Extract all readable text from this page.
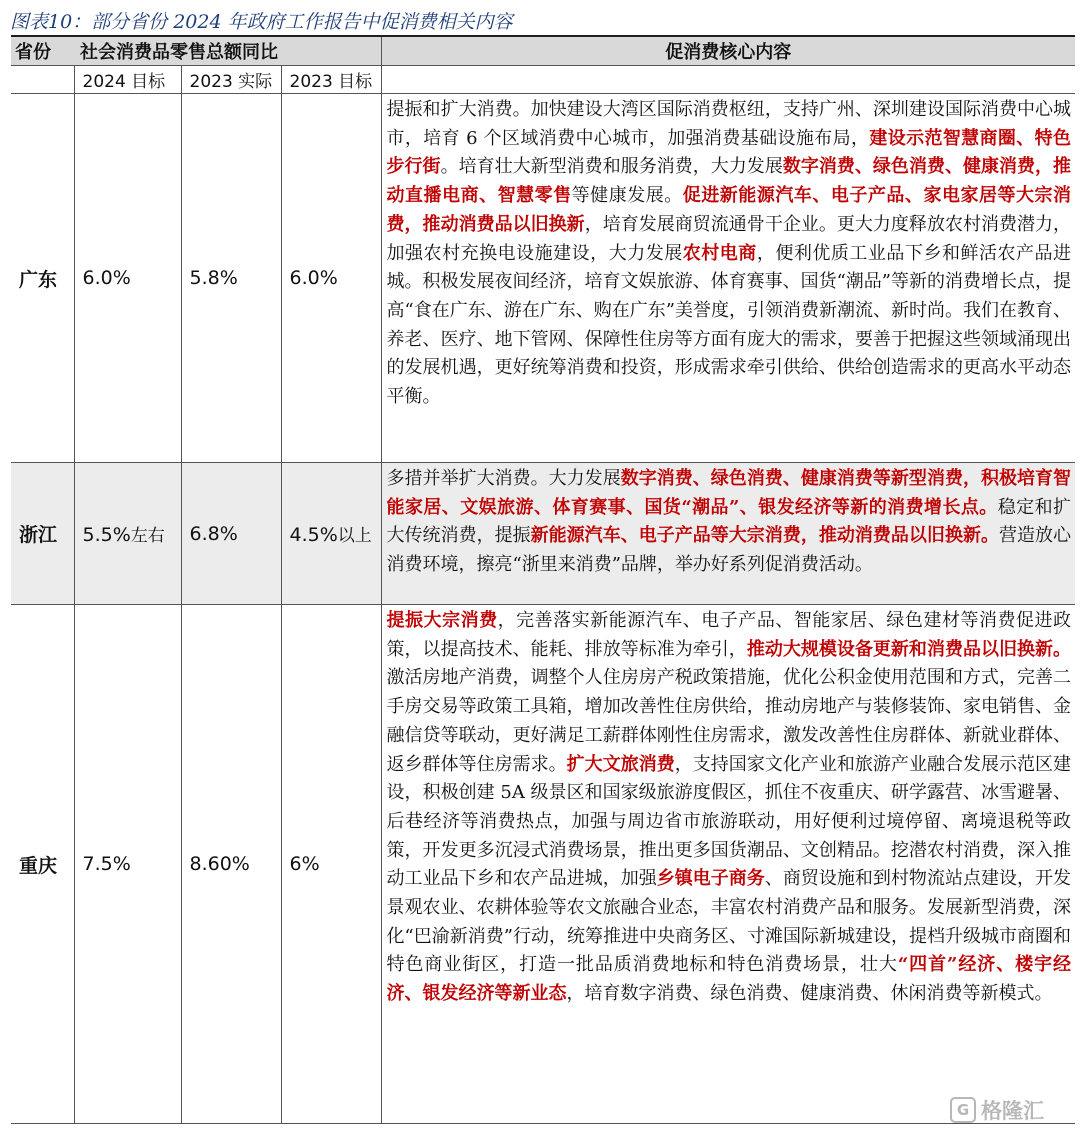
图表10：部分省份 2024 年政府工作报告中促消费相关内容
省份	社会消费品零售总额同比			促消费核心内容
	2024 目标	2023 实际	2023 目标	
广东	6.0%	5.8%	6.0%	提振和扩大消费。加快建设大湾区国际消费枢纽，支持广州、深圳建设国际消费中心城市，培育 6 个区域消费中心城市，加强消费基础设施布局，建设示范智慧商圈、特色步行街。培育壮大新型消费和服务消费，大力发展数字消费、绿色消费、健康消费，推动直播电商、智慧零售等健康发展。促进新能源汽车、电子产品、家电家居等大宗消费，推动消费品以旧换新，培育发展商贸流通骨干企业。更大力度释放农村消费潜力，加强农村充换电设施建设，大力发展农村电商，便利优质工业品下乡和鲜活农产品进城。积极发展夜间经济，培育文娱旅游、体育赛事、国货“潮品”等新的消费增长点，提高“食在广东、游在广东、购在广东”美誉度，引领消费新潮流、新时尚。我们在教育、养老、医疗、地下管网、保障性住房等方面有庞大的需求，要善于把握这些领域涌现出的发展机遇，更好统筹消费和投资，形成需求牵引供给、供给创造需求的更高水平动态平衡。
浙江	5.5%左右	6.8%	4.5%以上	多措并举扩大消费。大力发展数字消费、绿色消费、健康消费等新型消费，积极培育智能家居、文娱旅游、体育赛事、国货“潮品”、银发经济等新的消费增长点。稳定和扩大传统消费，提振新能源汽车、电子产品等大宗消费，推动消费品以旧换新。营造放心消费环境，擦亮“浙里来消费”品牌，举办好系列促消费活动。
重庆	7.5%	8.60%	6%	提振大宗消费，完善落实新能源汽车、电子产品、智能家居、绿色建材等消费促进政策，以提高技术、能耗、排放等标准为牵引，推动大规模设备更新和消费品以旧换新。激活房地产消费，调整个人住房房产税政策措施，优化公积金使用范围和方式，完善二手房交易等政策工具箱，增加改善性住房供给，推动房地产与装修装饰、家电销售、金融信贷等联动，更好满足工薪群体刚性住房需求，激发改善性住房群体、新就业群体、返乡群体等住房需求。扩大文旅消费，支持国家文化产业和旅游产业融合发展示范区建设，积极创建 5A 级景区和国家级旅游度假区，抓住不夜重庆、研学露营、冰雪避暑、后巷经济等消费热点，加强与周边省市旅游联动，用好便利过境停留、离境退税等政策，开发更多沉浸式消费场景，推出更多国货潮品、文创精品。挖潜农村消费，深入推动工业品下乡和农产品进城，加强乡镇电子商务、商贸设施和到村物流站点建设，开发景观农业、农耕体验等农文旅融合业态，丰富农村消费产品和服务。发展新型消费，深化“巴渝新消费”行动，统筹推进中央商务区、寸滩国际新城建设，提档升级城市商圈和特色商业街区，打造一批品质消费地标和特色消费场景，壮大“四首”经济、楼宇经济、银发经济等新业态，培育数字消费、绿色消费、健康消费、休闲消费等新模式。
G 格隆汇
